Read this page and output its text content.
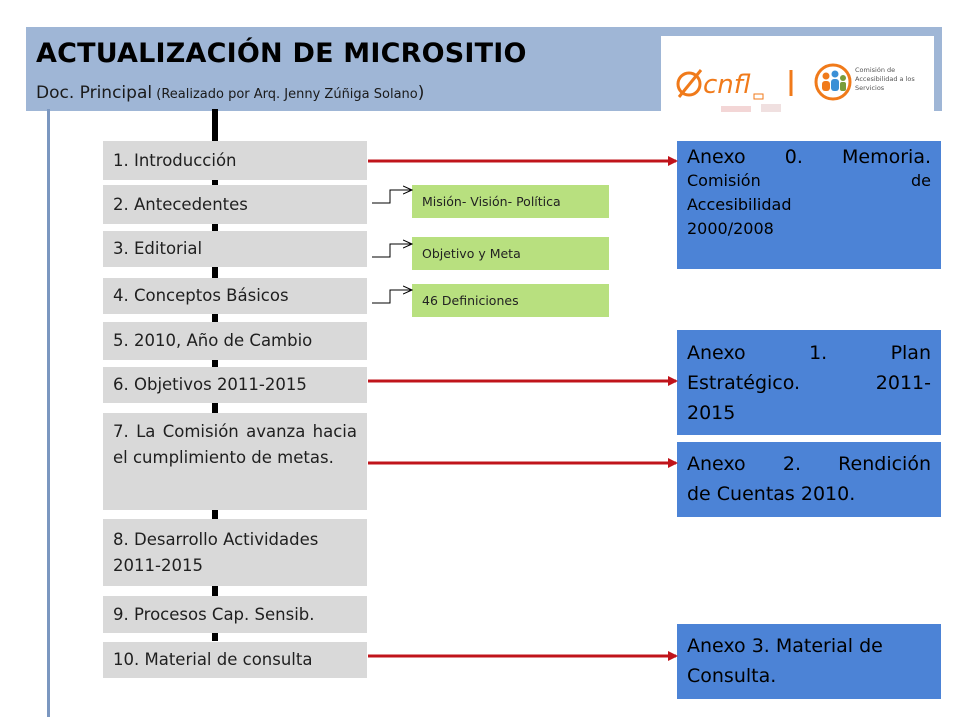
ACTUALIZACIÓN DE MICROSITIO
Doc. Principal (Realizado por Arq. Jenny Zúñiga Solano)	cnfl	Comisión de Accesibilidad a los Servicios
1. Introducción
2. Antecedentes
3. Editorial
4. Conceptos Básicos
5. 2010, Año de Cambio
6. Objetivos 2011-2015
7. La Comisión avanza hacia el cumplimiento de metas.
8. Desarrollo Actividades 2011-2015
9. Procesos Cap. Sensib.
10. Material de consulta
Misión- Visión- Política
Objetivo y Meta
46 Definiciones
Anexo 0. Memoria.
Comisión de
Accesibilidad
2000/2008
Anexo 1. Plan
Estratégico. 2011-
2015
Anexo 2. Rendición
de Cuentas 2010.
Anexo 3. Material de
Consulta.
